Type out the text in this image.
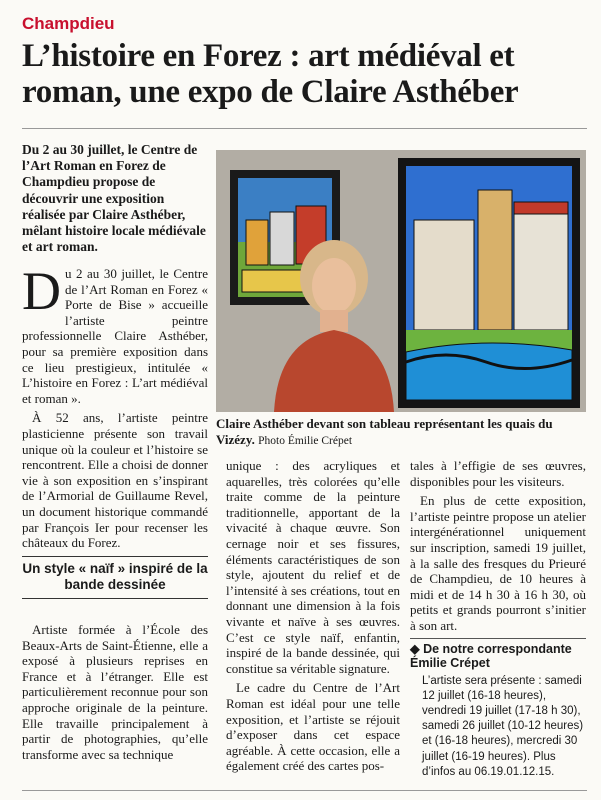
Champdieu
L’histoire en Forez : art médiéval et roman, une expo de Claire Asthéber

Du 2 au 30 juillet, le Centre de l’Art Roman en Forez de Champdieu propose de découvrir une exposition réalisée par Claire Asthéber, mêlant histoire locale médiévale et art roman.

Du 2 au 30 juillet, le Centre de l’Art Roman en Forez « Porte de Bise » accueille l’artiste peintre professionnelle Claire Asthéber, pour sa première exposition dans ce lieu prestigieux, intitulée « L’histoire en Forez : L’art médiéval et roman ».

À 52 ans, l’artiste peintre plasticienne présente son travail unique où la couleur et l’histoire se rencontrent. Elle a choisi de donner vie à son exposition en s’inspirant de l’Armorial de Guillaume Revel, un document historique commandé par François Ier pour recenser les châteaux du Forez.

Claire Asthéber devant son tableau représentant les quais du Vizézy. Photo Émilie Crépet
Un style « naïf » inspiré de la bande dessinée

Artiste formée à l’École des Beaux-Arts de Saint-Étienne, elle a exposé à plusieurs reprises en France et à l’étranger. Elle est particulièrement reconnue pour son approche originale de la peinture. Elle travaille principalement à partir de photographies, qu’elle transforme avec sa technique

unique : des acryliques et aquarelles, très colorées qu’elle traite comme de la peinture traditionnelle, apportant de la vivacité à chaque œuvre. Son cernage noir et ses fissures, éléments caractéristiques de son style, ajoutent du relief et de l’intensité à ses créations, tout en donnant une dimension à la fois vivante et naïve à ses œuvres. C’est ce style naïf, enfantin, inspiré de la bande dessinée, qui constitue sa véritable signature.

Le cadre du Centre de l’Art Roman est idéal pour une telle exposition, et l’artiste se réjouit d’exposer dans cet espace agréable. À cette occasion, elle a également créé des cartes pos-

tales à l’effigie de ses œuvres, disponibles pour les visiteurs.

En plus de cette exposition, l’artiste peintre propose un atelier intergénérationnel uniquement sur inscription, samedi 19 juillet, à la salle des fresques du Prieuré de Champdieu, de 10 heures à midi et de 14 h 30 à 16 h 30, où petits et grands pourront s’initier à son art.

◆ De notre correspondante
Émilie Crépet
L’artiste sera présente : samedi 12 juillet (16-18 heures), vendredi 19 juillet (17-18 h 30), samedi 26 juillet (10-12 heures) et (16-18 heures), mercredi 30 juillet (16-19 heures). Plus d’infos au 06.19.01.12.15.
